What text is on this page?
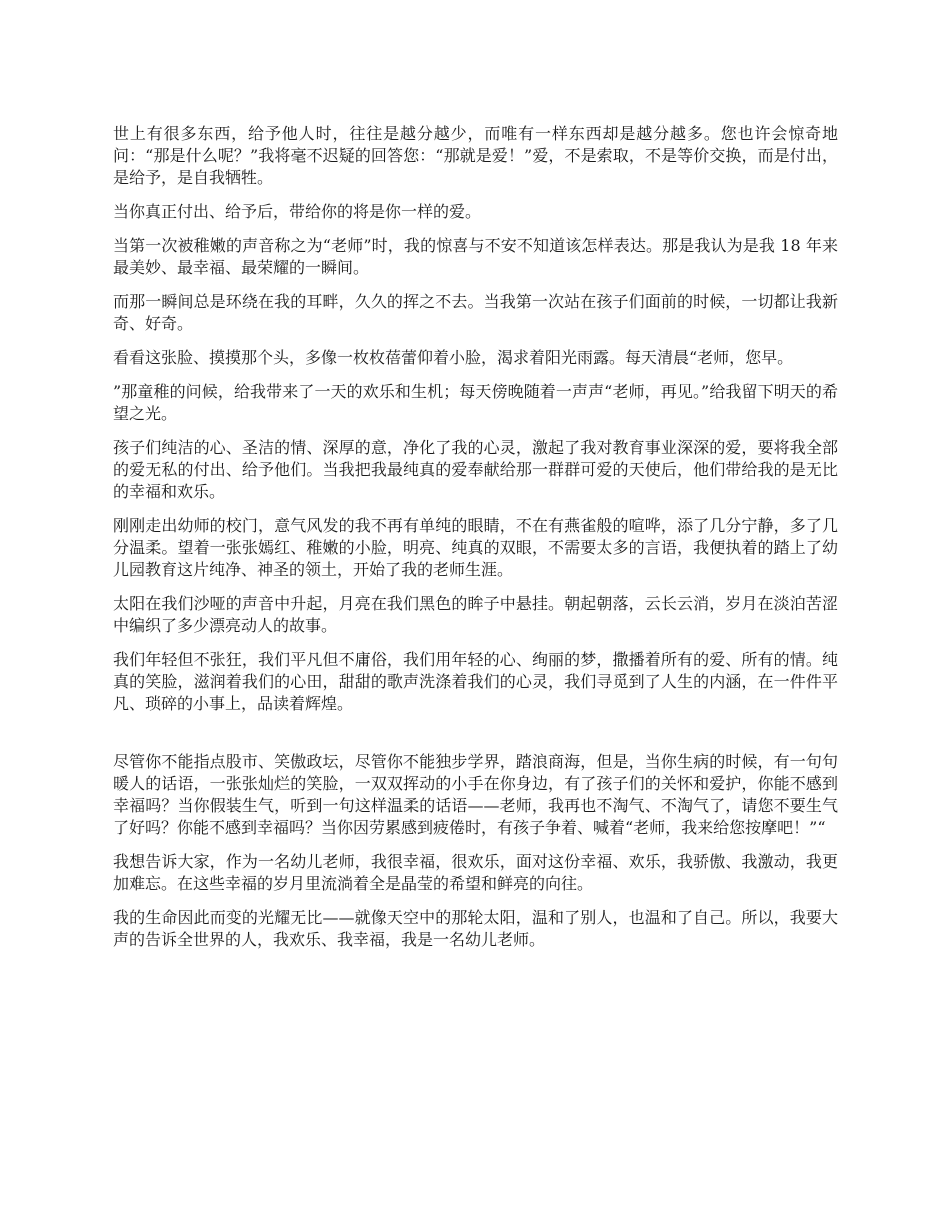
世上有很多东西，给予他人时，往往是越分越少，而唯有一样东西却是越分越多。您也许会惊奇地问：“那是什么呢？”我将毫不迟疑的回答您：“那就是爱！”爱，不是索取，不是等价交换，而是付出，是给予，是自我牺牲。

当你真正付出、给予后，带给你的将是你一样的爱。

当第一次被稚嫩的声音称之为“老师”时，我的惊喜与不安不知道该怎样表达。那是我认为是我 18 年来最美妙、最幸福、最荣耀的一瞬间。

而那一瞬间总是环绕在我的耳畔，久久的挥之不去。当我第一次站在孩子们面前的时候，一切都让我新奇、好奇。

看看这张脸、摸摸那个头，多像一枚枚蓓蕾仰着小脸，渴求着阳光雨露。每天清晨“老师，您早。

”那童稚的问候，给我带来了一天的欢乐和生机；每天傍晚随着一声声“老师，再见。”给我留下明天的希望之光。

孩子们纯洁的心、圣洁的情、深厚的意，净化了我的心灵，激起了我对教育事业深深的爱，要将我全部的爱无私的付出、给予他们。当我把我最纯真的爱奉献给那一群群可爱的天使后，他们带给我的是无比的幸福和欢乐。

刚刚走出幼师的校门，意气风发的我不再有单纯的眼睛，不在有燕雀般的喧哗，添了几分宁静，多了几分温柔。望着一张张嫣红、稚嫩的小脸，明亮、纯真的双眼，不需要太多的言语，我便执着的踏上了幼儿园教育这片纯净、神圣的领土，开始了我的老师生涯。

太阳在我们沙哑的声音中升起，月亮在我们黑色的眸子中悬挂。朝起朝落，云长云消，岁月在淡泊苦涩中编织了多少漂亮动人的故事。

我们年轻但不张狂，我们平凡但不庸俗，我们用年轻的心、绚丽的梦，撒播着所有的爱、所有的情。纯真的笑脸，滋润着我们的心田，甜甜的歌声洗涤着我们的心灵，我们寻觅到了人生的内涵，在一件件平凡、琐碎的小事上，品读着辉煌。

尽管你不能指点股市、笑傲政坛，尽管你不能独步学界，踏浪商海，但是，当你生病的时候，有一句句暖人的话语，一张张灿烂的笑脸，一双双挥动的小手在你身边，有了孩子们的关怀和爱护，你能不感到幸福吗？当你假装生气，听到一句这样温柔的话语——老师，我再也不淘气、不淘气了，请您不要生气了好吗？你能不感到幸福吗？当你因劳累感到疲倦时，有孩子争着、喊着“老师，我来给您按摩吧！”“

我想告诉大家，作为一名幼儿老师，我很幸福，很欢乐，面对这份幸福、欢乐，我骄傲、我激动，我更加难忘。在这些幸福的岁月里流淌着全是晶莹的希望和鲜亮的向往。

我的生命因此而变的光耀无比——就像天空中的那轮太阳，温和了别人，也温和了自己。所以，我要大声的告诉全世界的人，我欢乐、我幸福，我是一名幼儿老师。
